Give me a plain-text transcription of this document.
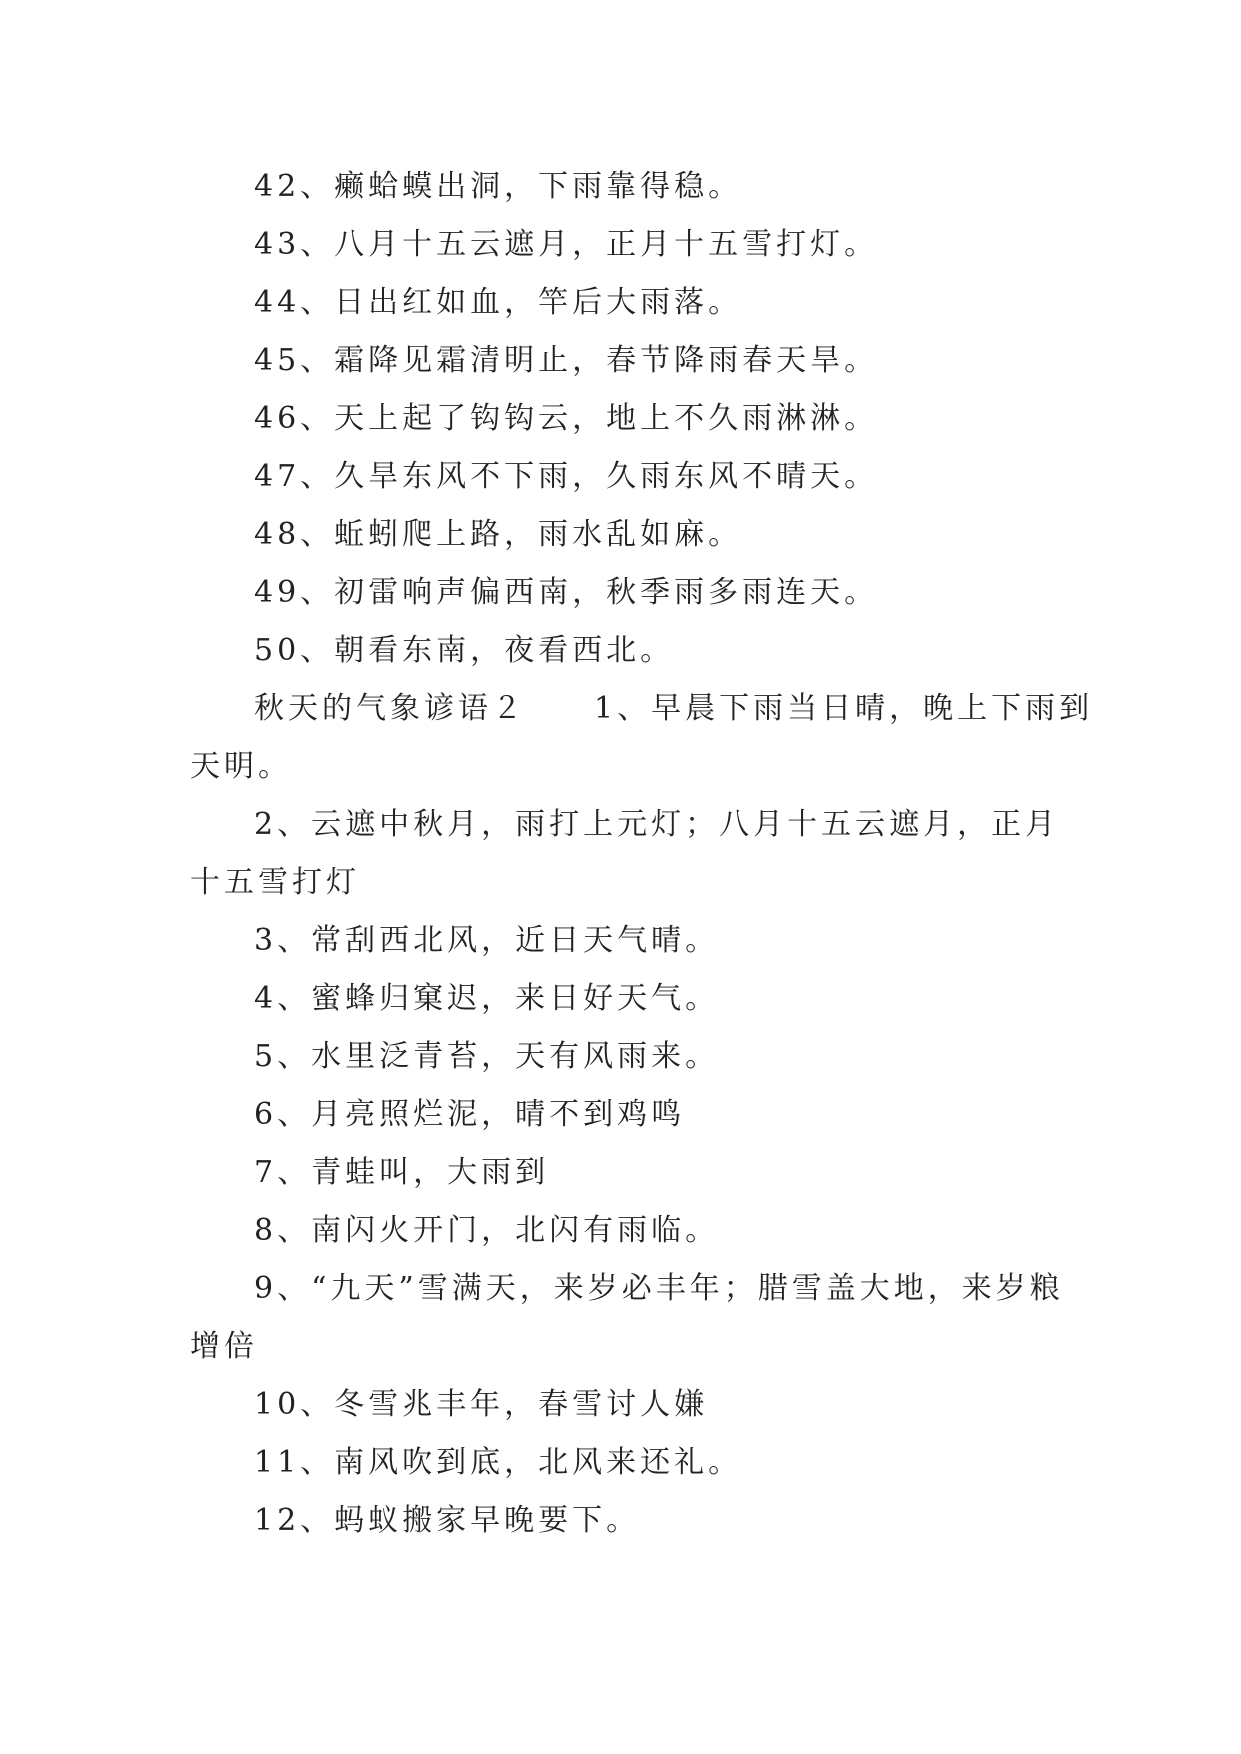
42、癞蛤蟆出洞，下雨靠得稳。
43、八月十五云遮月，正月十五雪打灯。
44、日出红如血，竿后大雨落。
45、霜降见霜清明止，春节降雨春天旱。
46、天上起了钩钩云，地上不久雨淋淋。
47、久旱东风不下雨，久雨东风不晴天。
48、蚯蚓爬上路，雨水乱如麻。
49、初雷响声偏西南，秋季雨多雨连天。
50、朝看东南，夜看西北。
秋天的气象谚语２　　1、早晨下雨当日晴，晚上下雨到
天明。
2、云遮中秋月，雨打上元灯；八月十五云遮月，正月
十五雪打灯
3、常刮西北风，近日天气晴。
4、蜜蜂归窠迟，来日好天气。
5、水里泛青苔，天有风雨来。
6、月亮照烂泥，晴不到鸡鸣
7、青蛙叫，大雨到
8、南闪火开门，北闪有雨临。
9、“九天”雪满天，来岁必丰年；腊雪盖大地，来岁粮
增倍
10、冬雪兆丰年，春雪讨人嫌
11、南风吹到底，北风来还礼。
12、蚂蚁搬家早晚要下。
